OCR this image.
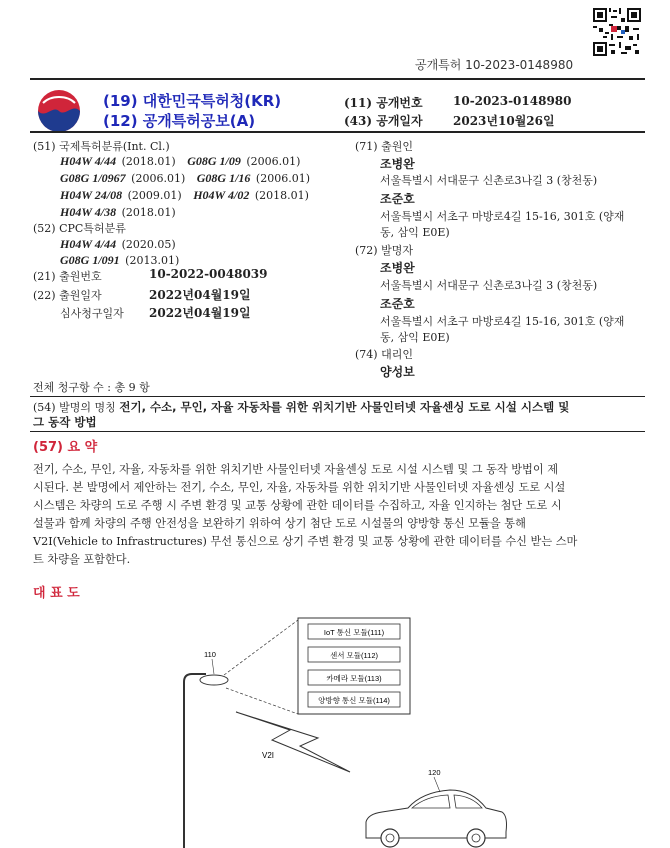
공개특허 10-2023-0148980
(19) 대한민국특허청(KR)
(12) 공개특허공보(A)
(11) 공개번호	10-2023-0148980
(43) 공개일자	2023년10월26일
(51) 국제특허분류(Int. Cl.)
H04W 4/44 (2018.01) G08G 1/09 (2006.01)
G08G 1/0967 (2006.01) G08G 1/16 (2006.01)
H04W 24/08 (2009.01) H04W 4/02 (2018.01)
H04W 4/38 (2018.01)
(52) CPC특허분류
H04W 4/44 (2020.05)
G08G 1/091 (2013.01)
(21) 출원번호	10-2022-0048039
(22) 출원일자	2022년04월19일
심사청구일자 2022년04월19일
(71) 출원인
조병완
서울특별시 서대문구 신촌로3나길 3 (창천동)
조준호
서울특별시 서초구 마방로4길 15-16, 301호 (양재
동, 삼익 E0E)
(72) 발명자
조병완
서울특별시 서대문구 신촌로3나길 3 (창천동)
조준호
서울특별시 서초구 마방로4길 15-16, 301호 (양재
동, 삼익 E0E)
(74) 대리인
양성보
전체 청구항 수 : 총 9 항
(54) 발명의 명칭 전기, 수소, 무인, 자율 자동차를 위한 위치기반 사물인터넷 자율센싱 도로 시설 시스템 및
그 동작 방법
(57) 요 약
전기, 수소, 무인, 자율, 자동차를 위한 위치기반 사물인터넷 자율센싱 도로 시설 시스템 및 그 동작 방법이 제
시된다. 본 발명에서 제안하는 전기, 수소, 무인, 자율, 자동차를 위한 위치기반 사물인터넷 자율센싱 도로 시설
시스템은 차량의 도로 주행 시 주변 환경 및 교통 상황에 관한 데이터를 수집하고, 자율 인지하는 첨단 도로 시
설물과 함께 차량의 주행 안전성을 보완하기 위하여 상기 첨단 도로 시설물의 양방향 통신 모듈을 통해
V2I(Vehicle to Infrastructures) 무선 통신으로 상기 주변 환경 및 교통 상황에 관한 데이터를 수신 받는 스마
트 차량을 포함한다.
대 표 도
IoT 통신 모듈(111)
센서 모듈(112)
카메라 모듈(113)
양방향 통신 모듈(114)
110
V2I
120
